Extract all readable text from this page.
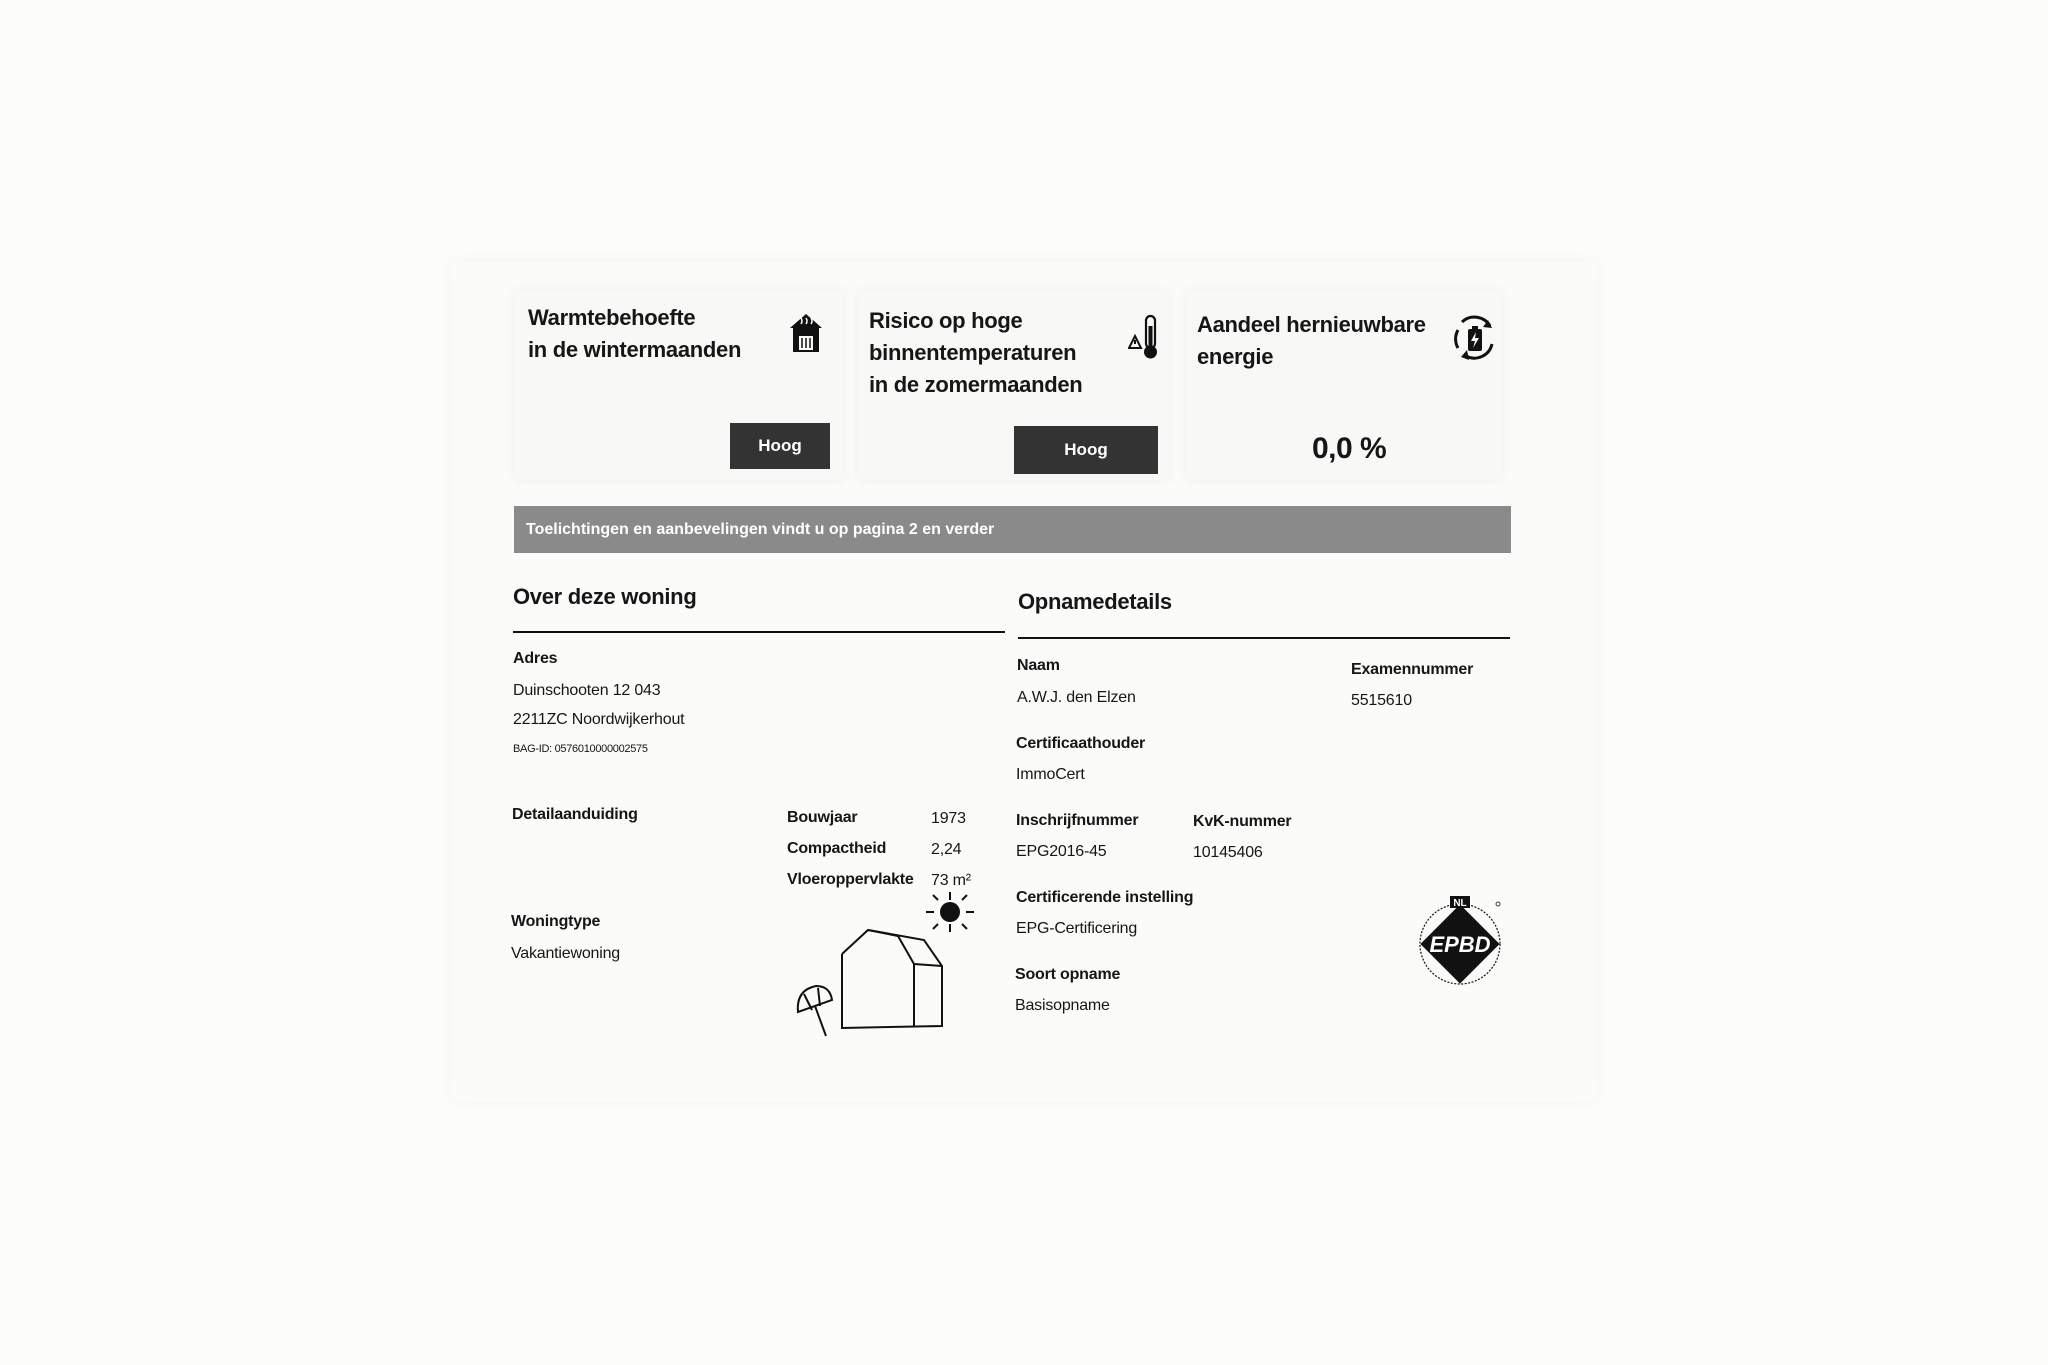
Warmtebehoefte
in de wintermaanden
Hoog
Risico op hoge
binnentemperaturen
in de zomermaanden
Hoog
Aandeel hernieuwbare
energie
0,0 %
Toelichtingen en aanbevelingen vindt u op pagina 2 en verder
Over deze woning
Adres
Duinschooten 12 043
2211ZC Noordwijkerhout
BAG-ID: 0576010000002575
Detailaanduiding	Bouwjaar	1973
Compactheid	2,24
Vloeroppervlakte 73 m²
Woningtype
Vakantiewoning
Opnamedetails
Naam
A.W.J. den Elzen
Examennummer
5515610
Certificaathouder
ImmoCert
Inschrijfnummer
EPG2016-45
KvK-nummer
10145406
Certificerende instelling
EPG-Certificering
Soort opname
Basisopname
NL
EPBD
